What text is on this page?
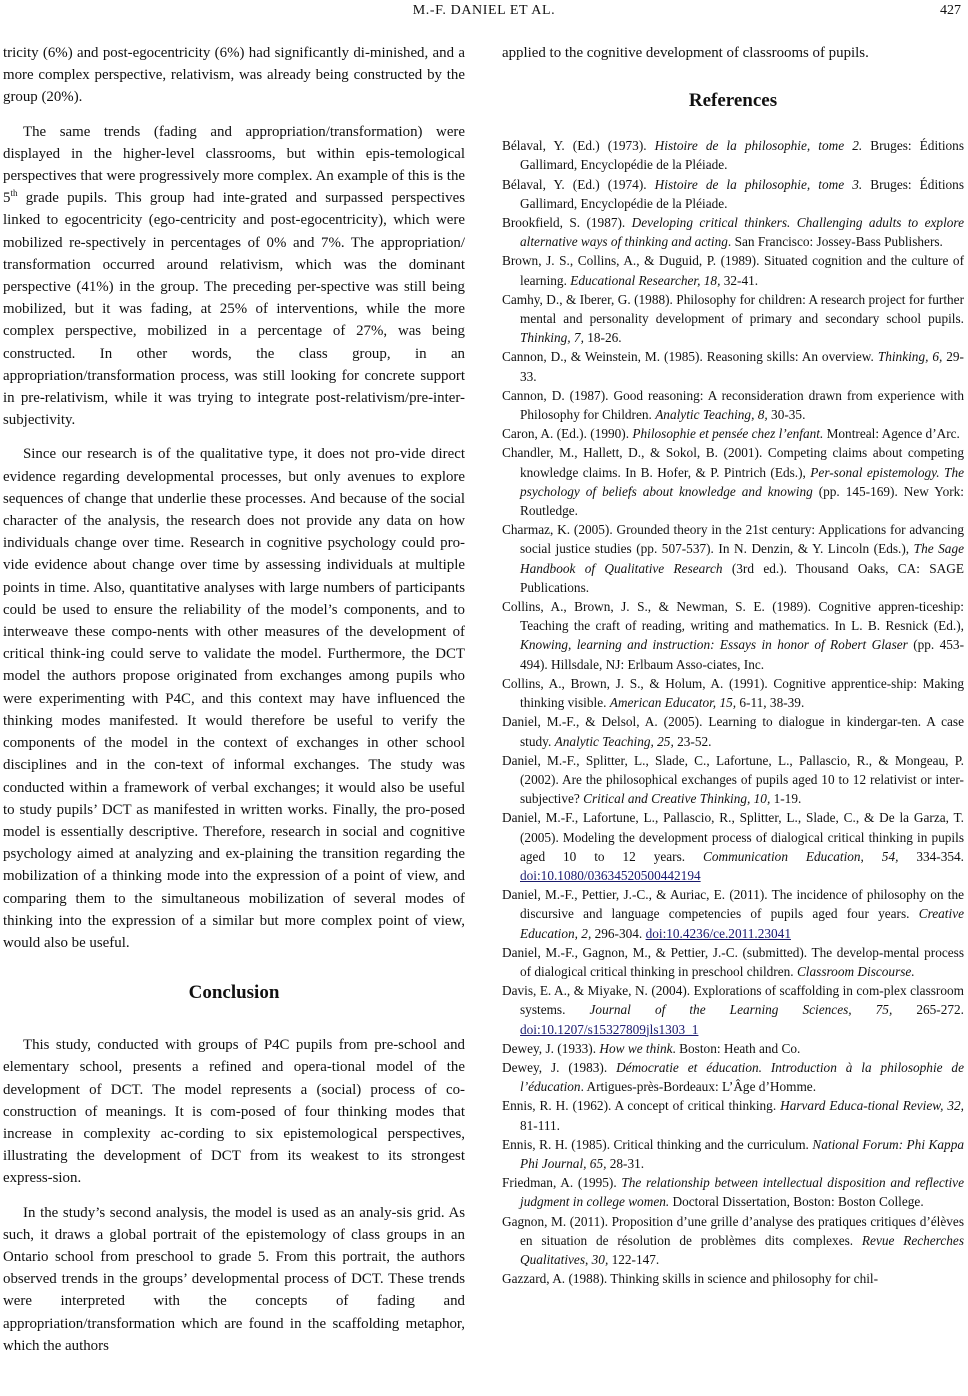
M.-F. DANIEL ET AL.	427

tricity (6%) and post-egocentricity (6%) had significantly di-minished, and a more complex perspective, relativism, was already being constructed by the group (20%).

The same trends (fading and appropriation/transformation) were displayed in the higher-level classrooms, but within epis-temological perspectives that were progressively more complex. An example of this is the 5th grade pupils. This group had inte-grated and surpassed perspectives linked to egocentricity (ego-centricity and post-egocentricity), which were mobilized re-spectively in percentages of 0% and 7%. The appropriation/ transformation occurred around relativism, which was the dominant perspective (41%) in the group. The preceding per-spective was still being mobilized, but it was fading, at 25% of interventions, while the more complex perspective, mobilized in a percentage of 27%, was being constructed. In other words, the class group, in an appropriation/transformation process, was still looking for concrete support in pre-relativism, while it was trying to integrate post-relativism/pre-inter-subjectivity.

Since our research is of the qualitative type, it does not pro-vide direct evidence regarding developmental processes, but only avenues to explore sequences of change that underlie these processes. And because of the social character of the analysis, the research does not provide any data on how individuals change over time. Research in cognitive psychology could pro-vide evidence about change over time by assessing individuals at multiple points in time. Also, quantitative analyses with large numbers of participants could be used to ensure the reliability of the model’s components, and to interweave these compo-nents with other measures of the development of critical think-ing could serve to validate the model. Furthermore, the DCT model the authors propose originated from exchanges among pupils who were experimenting with P4C, and this context may have influenced the thinking modes manifested. It would therefore be useful to verify the components of the model in the context of exchanges in other school disciplines and in the con-text of informal exchanges. The study was conducted within a framework of verbal exchanges; it would also be useful to study pupils’ DCT as manifested in written works. Finally, the pro-posed model is essentially descriptive. Therefore, research in social and cognitive psychology aimed at analyzing and ex-plaining the transition regarding the mobilization of a thinking mode into the expression of a point of view, and comparing them to the simultaneous mobilization of several modes of thinking into the expression of a similar but more complex point of view, would also be useful.

Conclusion

This study, conducted with groups of P4C pupils from pre-school and elementary school, presents a refined and opera-tional model of the development of DCT. The model represents a (social) process of co-construction of meanings. It is com-posed of four thinking modes that increase in complexity ac-cording to six epistemological perspectives, illustrating the development of DCT from its weakest to its strongest express-sion.

In the study’s second analysis, the model is used as an analy-sis grid. As such, it draws a global portrait of the epistemology of class groups in an Ontario school from preschool to grade 5. From this portrait, the authors observed trends in the groups’ developmental process of DCT. These trends were interpreted with the concepts of fading and appropriation/transformation which are found in the scaffolding metaphor, which the authors

applied to the cognitive development of classrooms of pupils.

References

Bélaval, Y. (Ed.) (1973). Histoire de la philosophie, tome 2. Bruges: Éditions Gallimard, Encyclopédie de la Pléiade.

Bélaval, Y. (Ed.) (1974). Histoire de la philosophie, tome 3. Bruges: Éditions Gallimard, Encyclopédie de la Pléiade.

Brookfield, S. (1987). Developing critical thinkers. Challenging adults to explore alternative ways of thinking and acting. San Francisco: Jossey-Bass Publishers.

Brown, J. S., Collins, A., & Duguid, P. (1989). Situated cognition and the culture of learning. Educational Researcher, 18, 32-41.

Camhy, D., & Iberer, G. (1988). Philosophy for children: A research project for further mental and personality development of primary and secondary school pupils. Thinking, 7, 18-26.

Cannon, D., & Weinstein, M. (1985). Reasoning skills: An overview. Thinking, 6, 29-33.

Cannon, D. (1987). Good reasoning: A reconsideration drawn from experience with Philosophy for Children. Analytic Teaching, 8, 30-35.

Caron, A. (Ed.). (1990). Philosophie et pensée chez l’enfant. Montreal: Agence d’Arc.

Chandler, M., Hallett, D., & Sokol, B. (2001). Competing claims about competing knowledge claims. In B. Hofer, & P. Pintrich (Eds.), Per-sonal epistemology. The psychology of beliefs about knowledge and knowing (pp. 145-169). New York: Routledge.

Charmaz, K. (2005). Grounded theory in the 21st century: Applications for advancing social justice studies (pp. 507-537). In N. Denzin, & Y. Lincoln (Eds.), The Sage Handbook of Qualitative Research (3rd ed.). Thousand Oaks, CA: SAGE Publications.

Collins, A., Brown, J. S., & Newman, S. E. (1989). Cognitive appren-ticeship: Teaching the craft of reading, writing and mathematics. In L. B. Resnick (Ed.), Knowing, learning and instruction: Essays in honor of Robert Glaser (pp. 453-494). Hillsdale, NJ: Erlbaum Asso-ciates, Inc.

Collins, A., Brown, J. S., & Holum, A. (1991). Cognitive apprentice-ship: Making thinking visible. American Educator, 15, 6-11, 38-39.

Daniel, M.-F., & Delsol, A. (2005). Learning to dialogue in kindergar-ten. A case study. Analytic Teaching, 25, 23-52.

Daniel, M.-F., Splitter, L., Slade, C., Lafortune, L., Pallascio, R., & Mongeau, P. (2002). Are the philosophical exchanges of pupils aged 10 to 12 relativist or inter-subjective? Critical and Creative Thinking, 10, 1-19.

Daniel, M.-F., Lafortune, L., Pallascio, R., Splitter, L., Slade, C., & De la Garza, T. (2005). Modeling the development process of dialogical critical thinking in pupils aged 10 to 12 years. Communication Education, 54, 334-354. doi:10.1080/03634520500442194

Daniel, M.-F., Pettier, J.-C., & Auriac, E. (2011). The incidence of philosophy on the discursive and language competencies of pupils aged four years. Creative Education, 2, 296-304. doi:10.4236/ce.2011.23041

Daniel, M.-F., Gagnon, M., & Pettier, J.-C. (submitted). The develop-mental process of dialogical critical thinking in preschool children. Classroom Discourse.

Davis, E. A., & Miyake, N. (2004). Explorations of scaffolding in com-plex classroom systems. Journal of the Learning Sciences, 75, 265-272. doi:10.1207/s15327809jls1303_1

Dewey, J. (1933). How we think. Boston: Heath and Co.

Dewey, J. (1983). Démocratie et éducation. Introduction à la philosophie de l’éducation. Artigues-près-Bordeaux: L’Âge d’Homme.

Ennis, R. H. (1962). A concept of critical thinking. Harvard Educa-tional Review, 32, 81-111.

Ennis, R. H. (1985). Critical thinking and the curriculum. National Forum: Phi Kappa Phi Journal, 65, 28-31.

Friedman, A. (1995). The relationship between intellectual disposition and reflective judgment in college women. Doctoral Dissertation, Boston: Boston College.

Gagnon, M. (2011). Proposition d’une grille d’analyse des pratiques critiques d’élèves en situation de résolution de problèmes dits complexes. Revue Recherches Qualitatives, 30, 122-147.

Gazzard, A. (1988). Thinking skills in science and philosophy for chil-
